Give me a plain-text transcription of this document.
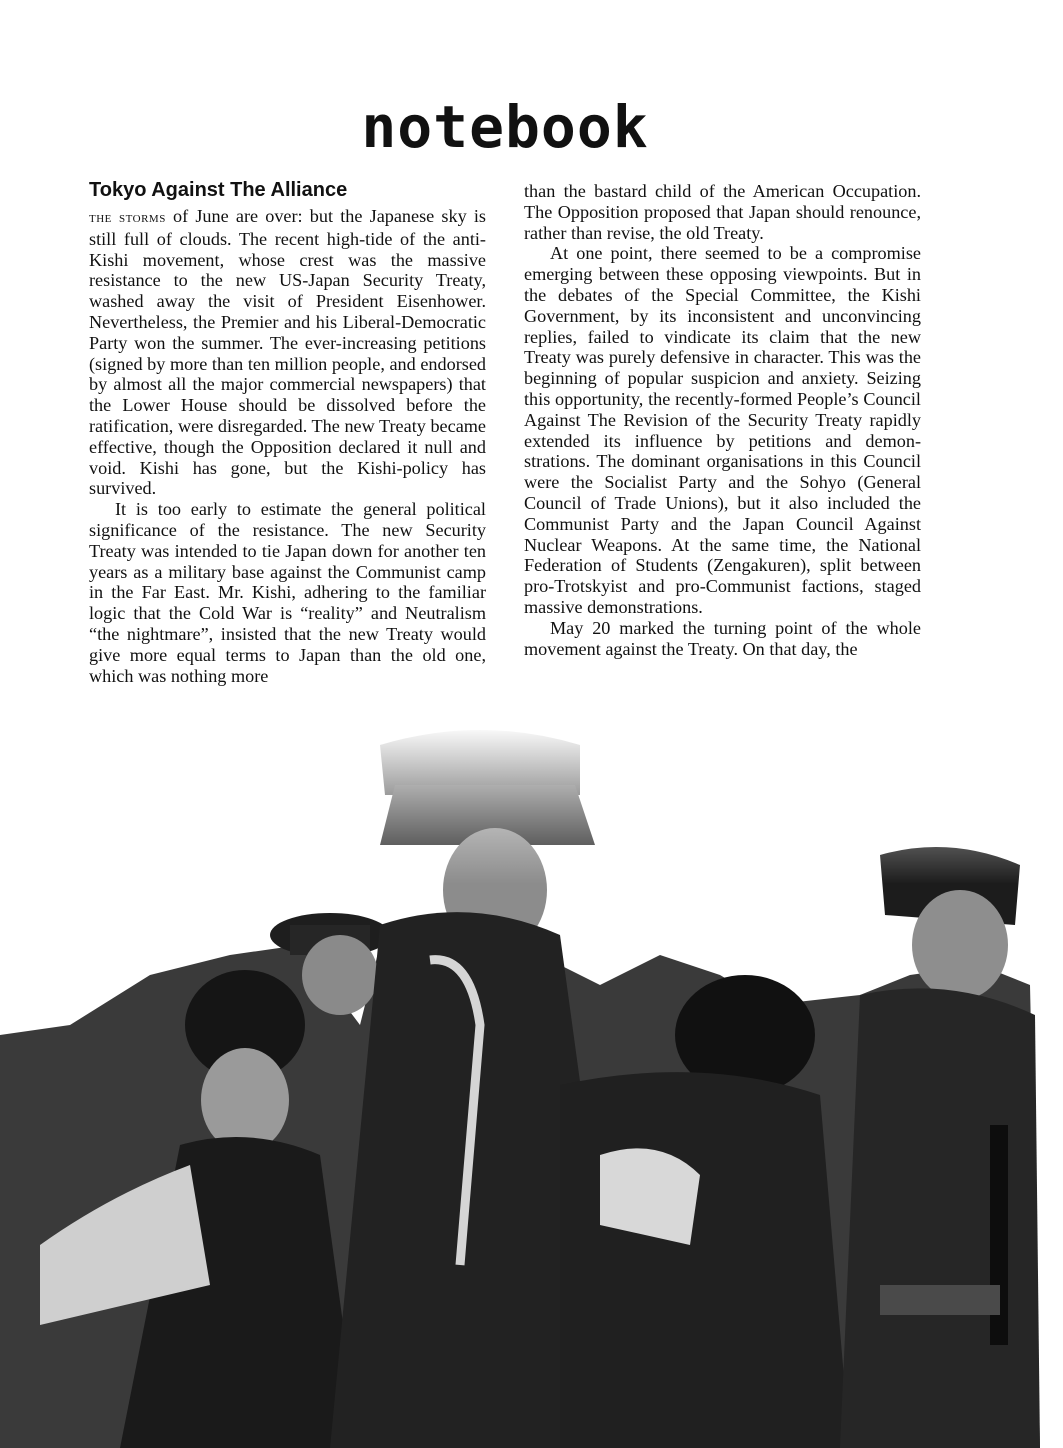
notebook
Tokyo Against The Alliance

the storms of June are over: but the Japanese sky is still full of clouds. The recent high-tide of the anti-Kishi movement, whose crest was the massive resistance to the new US-Japan Security Treaty, washed away the visit of President Eisenhower. Nevertheless, the Premier and his Liberal-Democratic Party won the summer. The ever-increasing petitions (signed by more than ten million people, and endorsed by almost all the major commercial newspapers) that the Lower House should be dissolved before the ratification, were disregarded. The new Treaty became effective, though the Opposition declared it null and void. Kishi has gone, but the Kishi-policy has survived.

It is too early to estimate the general political significance of the resistance. The new Security Treaty was intended to tie Japan down for another ten years as a military base against the Communist camp in the Far East. Mr. Kishi, adhering to the familiar logic that the Cold War is “reality” and Neutralism “the nightmare”, insisted that the new Treaty would give more equal terms to Japan than the old one, which was nothing more

than the bastard child of the American Occupation. The Opposition proposed that Japan should renounce, rather than revise, the old Treaty.

At one point, there seemed to be a compromise emerging between these opposing viewpoints. But in the debates of the Special Committee, the Kishi Government, by its inconsistent and unconvincing replies, failed to vindicate its claim that the new Treaty was purely defensive in character. This was the beginning of popular suspicion and anxiety. Seizing this opportunity, the recently-formed People’s Council Against The Revision of the Security Treaty rapidly extended its influence by petitions and demonstrations. The dominant organisations in this Council were the Socialist Party and the Sohyo (General Council of Trade Unions), but it also included the Communist Party and the Japan Council Against Nuclear Weapons. At the same time, the National Federation of Students (Zengakuren), split between pro-Trotskyist and pro-Communist factions, staged massive demonstrations.

May 20 marked the turning point of the whole movement against the Treaty. On that day, the
